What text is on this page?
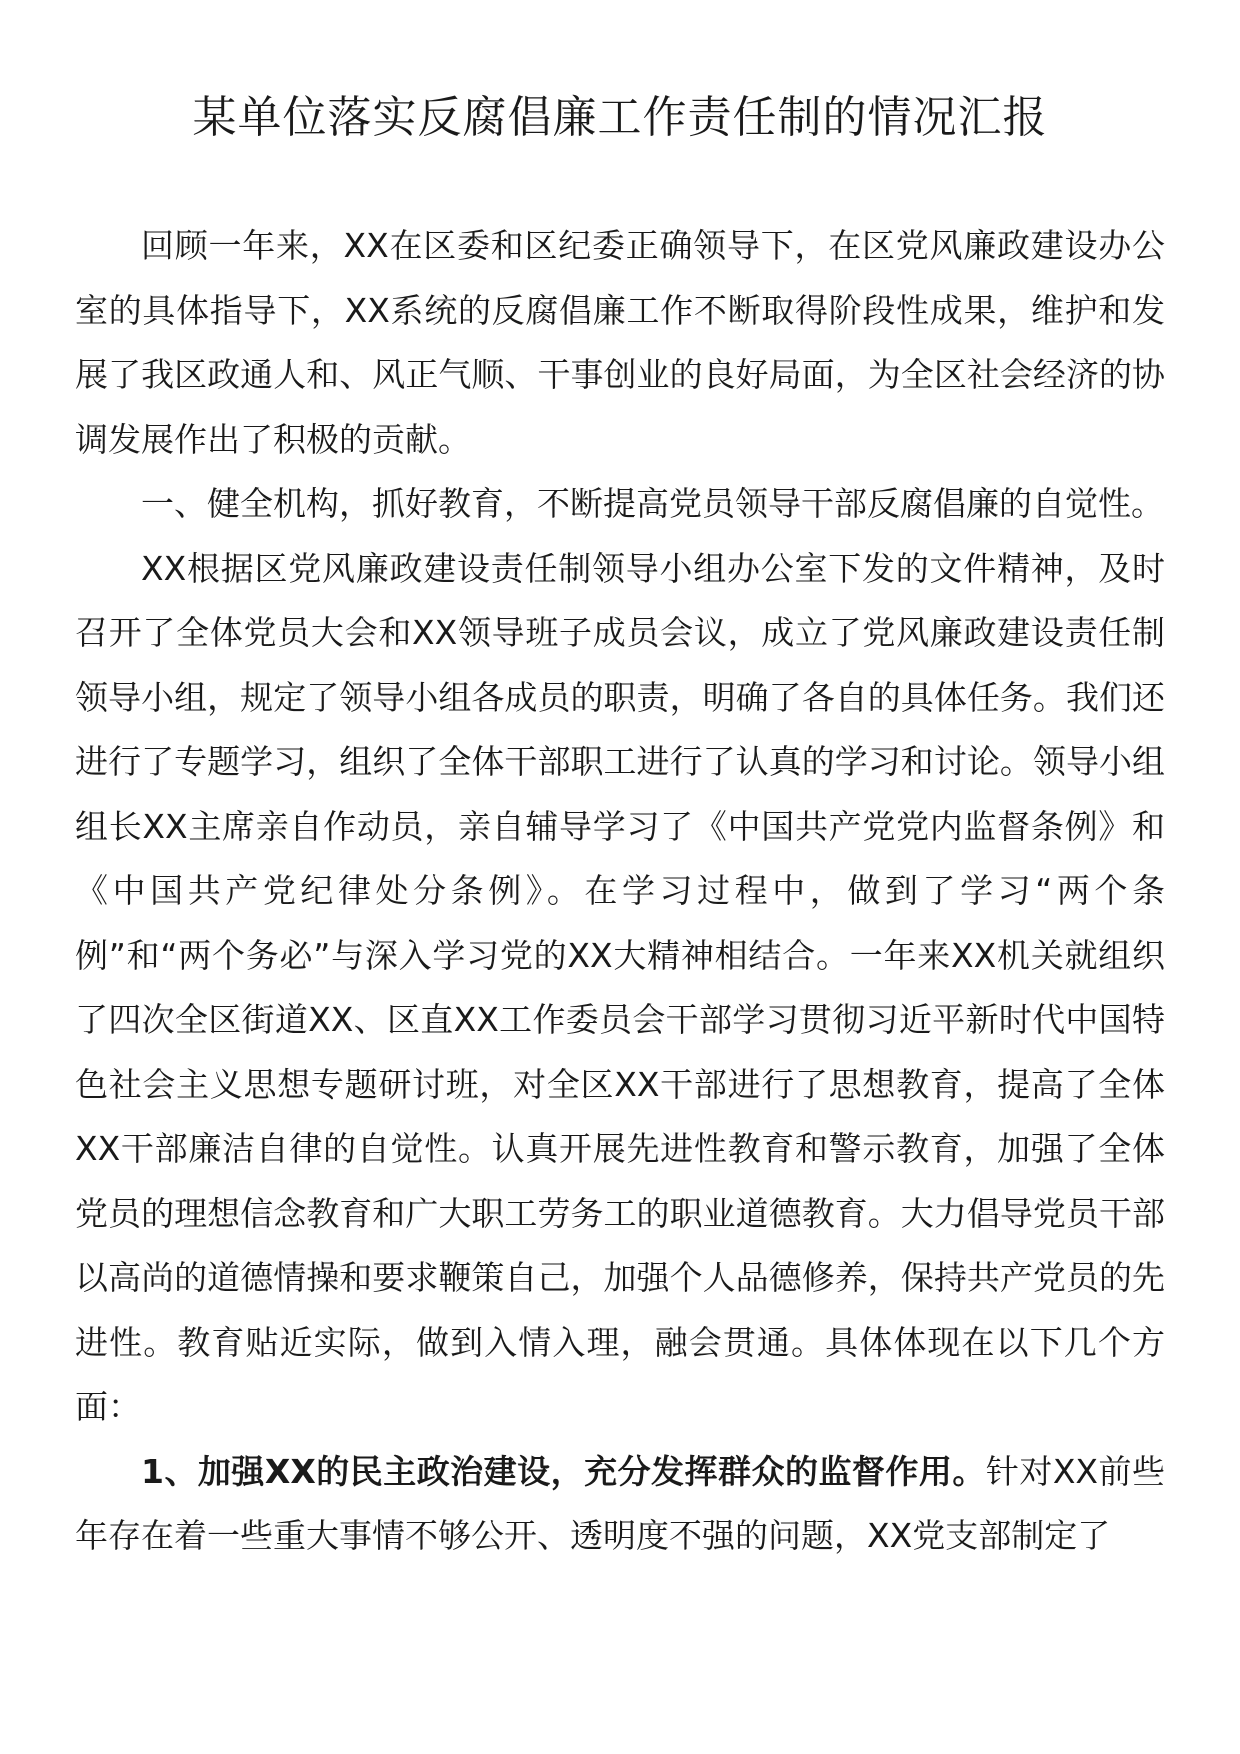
某单位落实反腐倡廉工作责任制的情况汇报

回顾一年来，XX在区委和区纪委正确领导下，在区党风廉政建设办公室的具体指导下，XX系统的反腐倡廉工作不断取得阶段性成果，维护和发展了我区政通人和、风正气顺、干事创业的良好局面，为全区社会经济的协调发展作出了积极的贡献。

一、健全机构，抓好教育，不断提高党员领导干部反腐倡廉的自觉性。

XX根据区党风廉政建设责任制领导小组办公室下发的文件精神，及时召开了全体党员大会和XX领导班子成员会议，成立了党风廉政建设责任制领导小组，规定了领导小组各成员的职责，明确了各自的具体任务。我们还进行了专题学习，组织了全体干部职工进行了认真的学习和讨论。领导小组组长XX主席亲自作动员，亲自辅导学习了《中国共产党党内监督条例》和《中国共产党纪律处分条例》。在学习过程中，做到了学习“两个条例”和“两个务必”与深入学习党的XX大精神相结合。一年来XX机关就组织了四次全区街道XX、区直XX工作委员会干部学习贯彻习近平新时代中国特色社会主义思想专题研讨班，对全区XX干部进行了思想教育，提高了全体XX干部廉洁自律的自觉性。认真开展先进性教育和警示教育，加强了全体党员的理想信念教育和广大职工劳务工的职业道德教育。大力倡导党员干部以高尚的道德情操和要求鞭策自己，加强个人品德修养，保持共产党员的先进性。教育贴近实际，做到入情入理，融会贯通。具体体现在以下几个方面：

1、加强XX的民主政治建设，充分发挥群众的监督作用。针对XX前些年存在着一些重大事情不够公开、透明度不强的问题，XX党支部制定了
